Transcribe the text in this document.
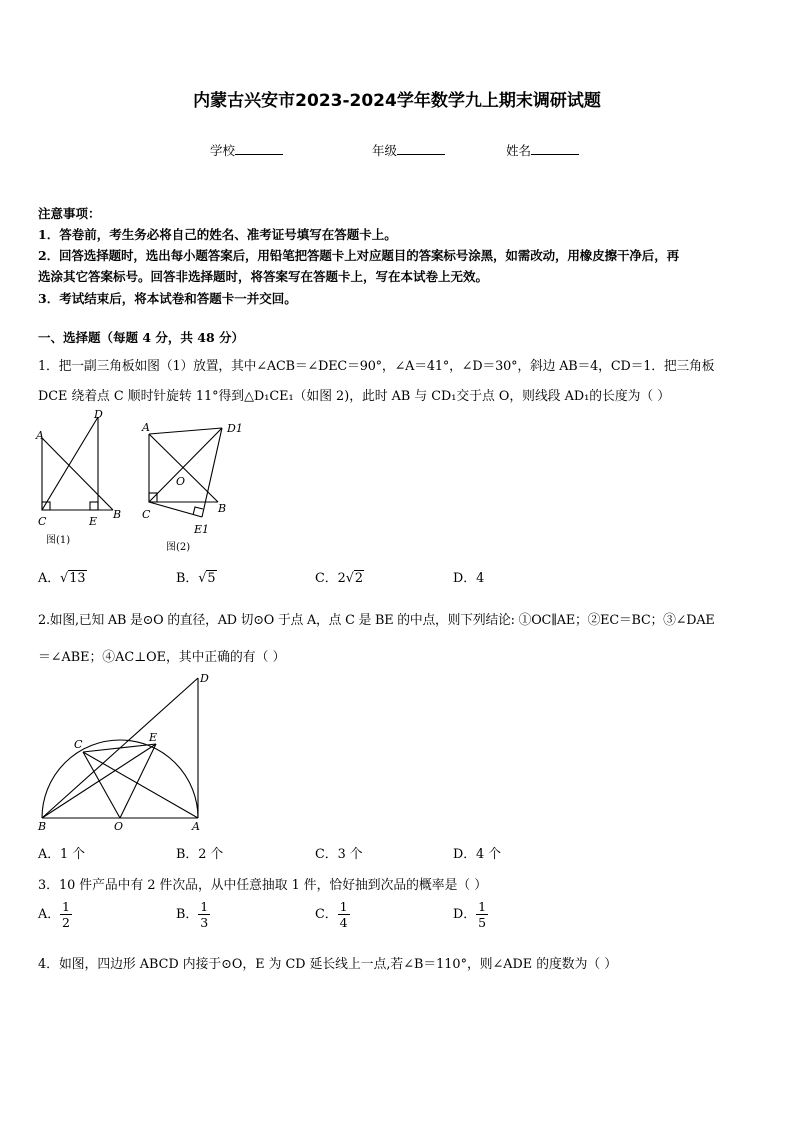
内蒙古兴安市2023-2024学年数学九上期末调研试题
学校	年级	姓名
注意事项：
1．答卷前，考生务必将自己的姓名、准考证号填写在答题卡上。
2．回答选择题时，选出每小题答案后，用铅笔把答题卡上对应题目的答案标号涂黑，如需改动，用橡皮擦干净后，再
选涂其它答案标号。回答非选择题时，将答案写在答题卡上，写在本试卷上无效。
3．考试结束后，将本试卷和答题卡一并交回。
一、选择题（每题 4 分，共 48 分）
1．把一副三角板如图（1）放置，其中∠ACB＝∠DEC＝90°，∠A＝41°，∠D＝30°，斜边 AB＝4，CD＝1．把三角板
DCE 绕着点 C 顺时针旋转 11°得到△D₁CE₁（如图 2)，此时 AB 与 CD₁交于点 O，则线段 AD₁的长度为（ ）
A
D
C	E
B
图(1)
A	D1
O
C	B
E1
图(2)
A．√13	B．√5	C．2√2	D．4
2.如图,已知 AB 是⊙O 的直径，AD 切⊙O 于点 A，点 C 是 BE 的中点，则下列结论: ①OC∥AE；②EC＝BC；③∠DAE
＝∠ABE；④AC⊥OE，其中正确的有（ ）
B	O	A
C
E
D
A．1 个	B．2 个	C．3 个	D．4 个
3．10 件产品中有 2 件次品，从中任意抽取 1 件，恰好抽到次品的概率是（ ）
A． $\frac{1}{2}$	B． $\frac{1}{3}$	C． $\frac{1}{4}$	D． $\frac{1}{5}$
4．如图，四边形 ABCD 内接于⊙O，E 为 CD 延长线上一点,若∠B＝110°，则∠ADE 的度数为（ ）
